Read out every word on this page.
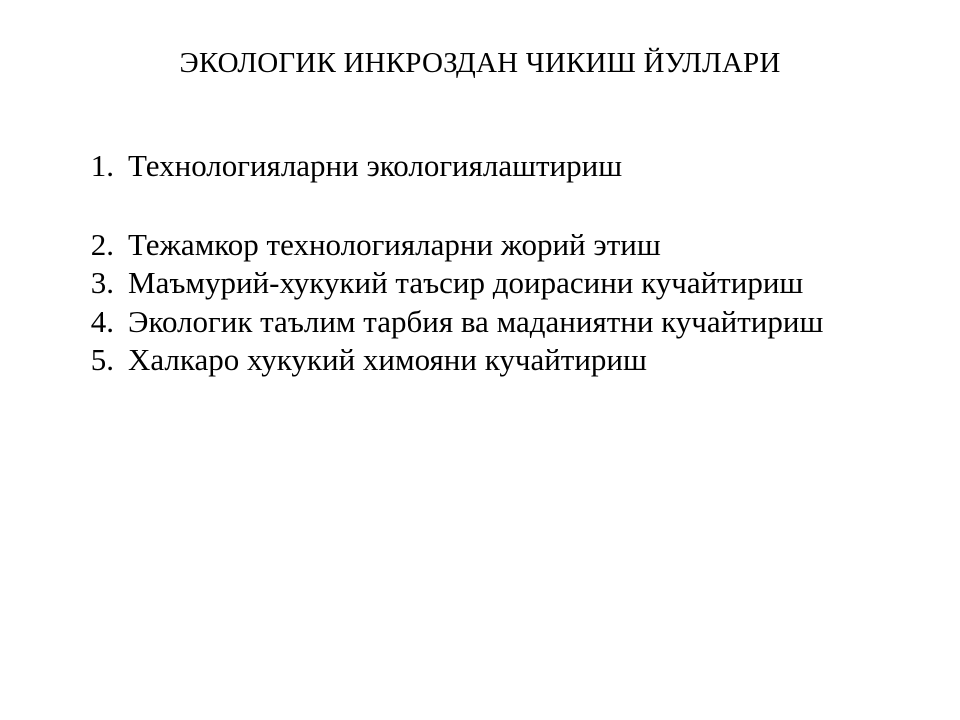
ЭКОЛОГИК ИНКРОЗДАН ЧИКИШ ЙУЛЛАРИ
1. Технологияларни экологиялаштириш
2. Тежамкор технологияларни жорий этиш
3. Маъмурий-хукукий таъсир доирасини кучайтириш
4. Экологик таълим тарбия ва маданиятни кучайтириш
5. Халкаро хукукий химояни кучайтириш
